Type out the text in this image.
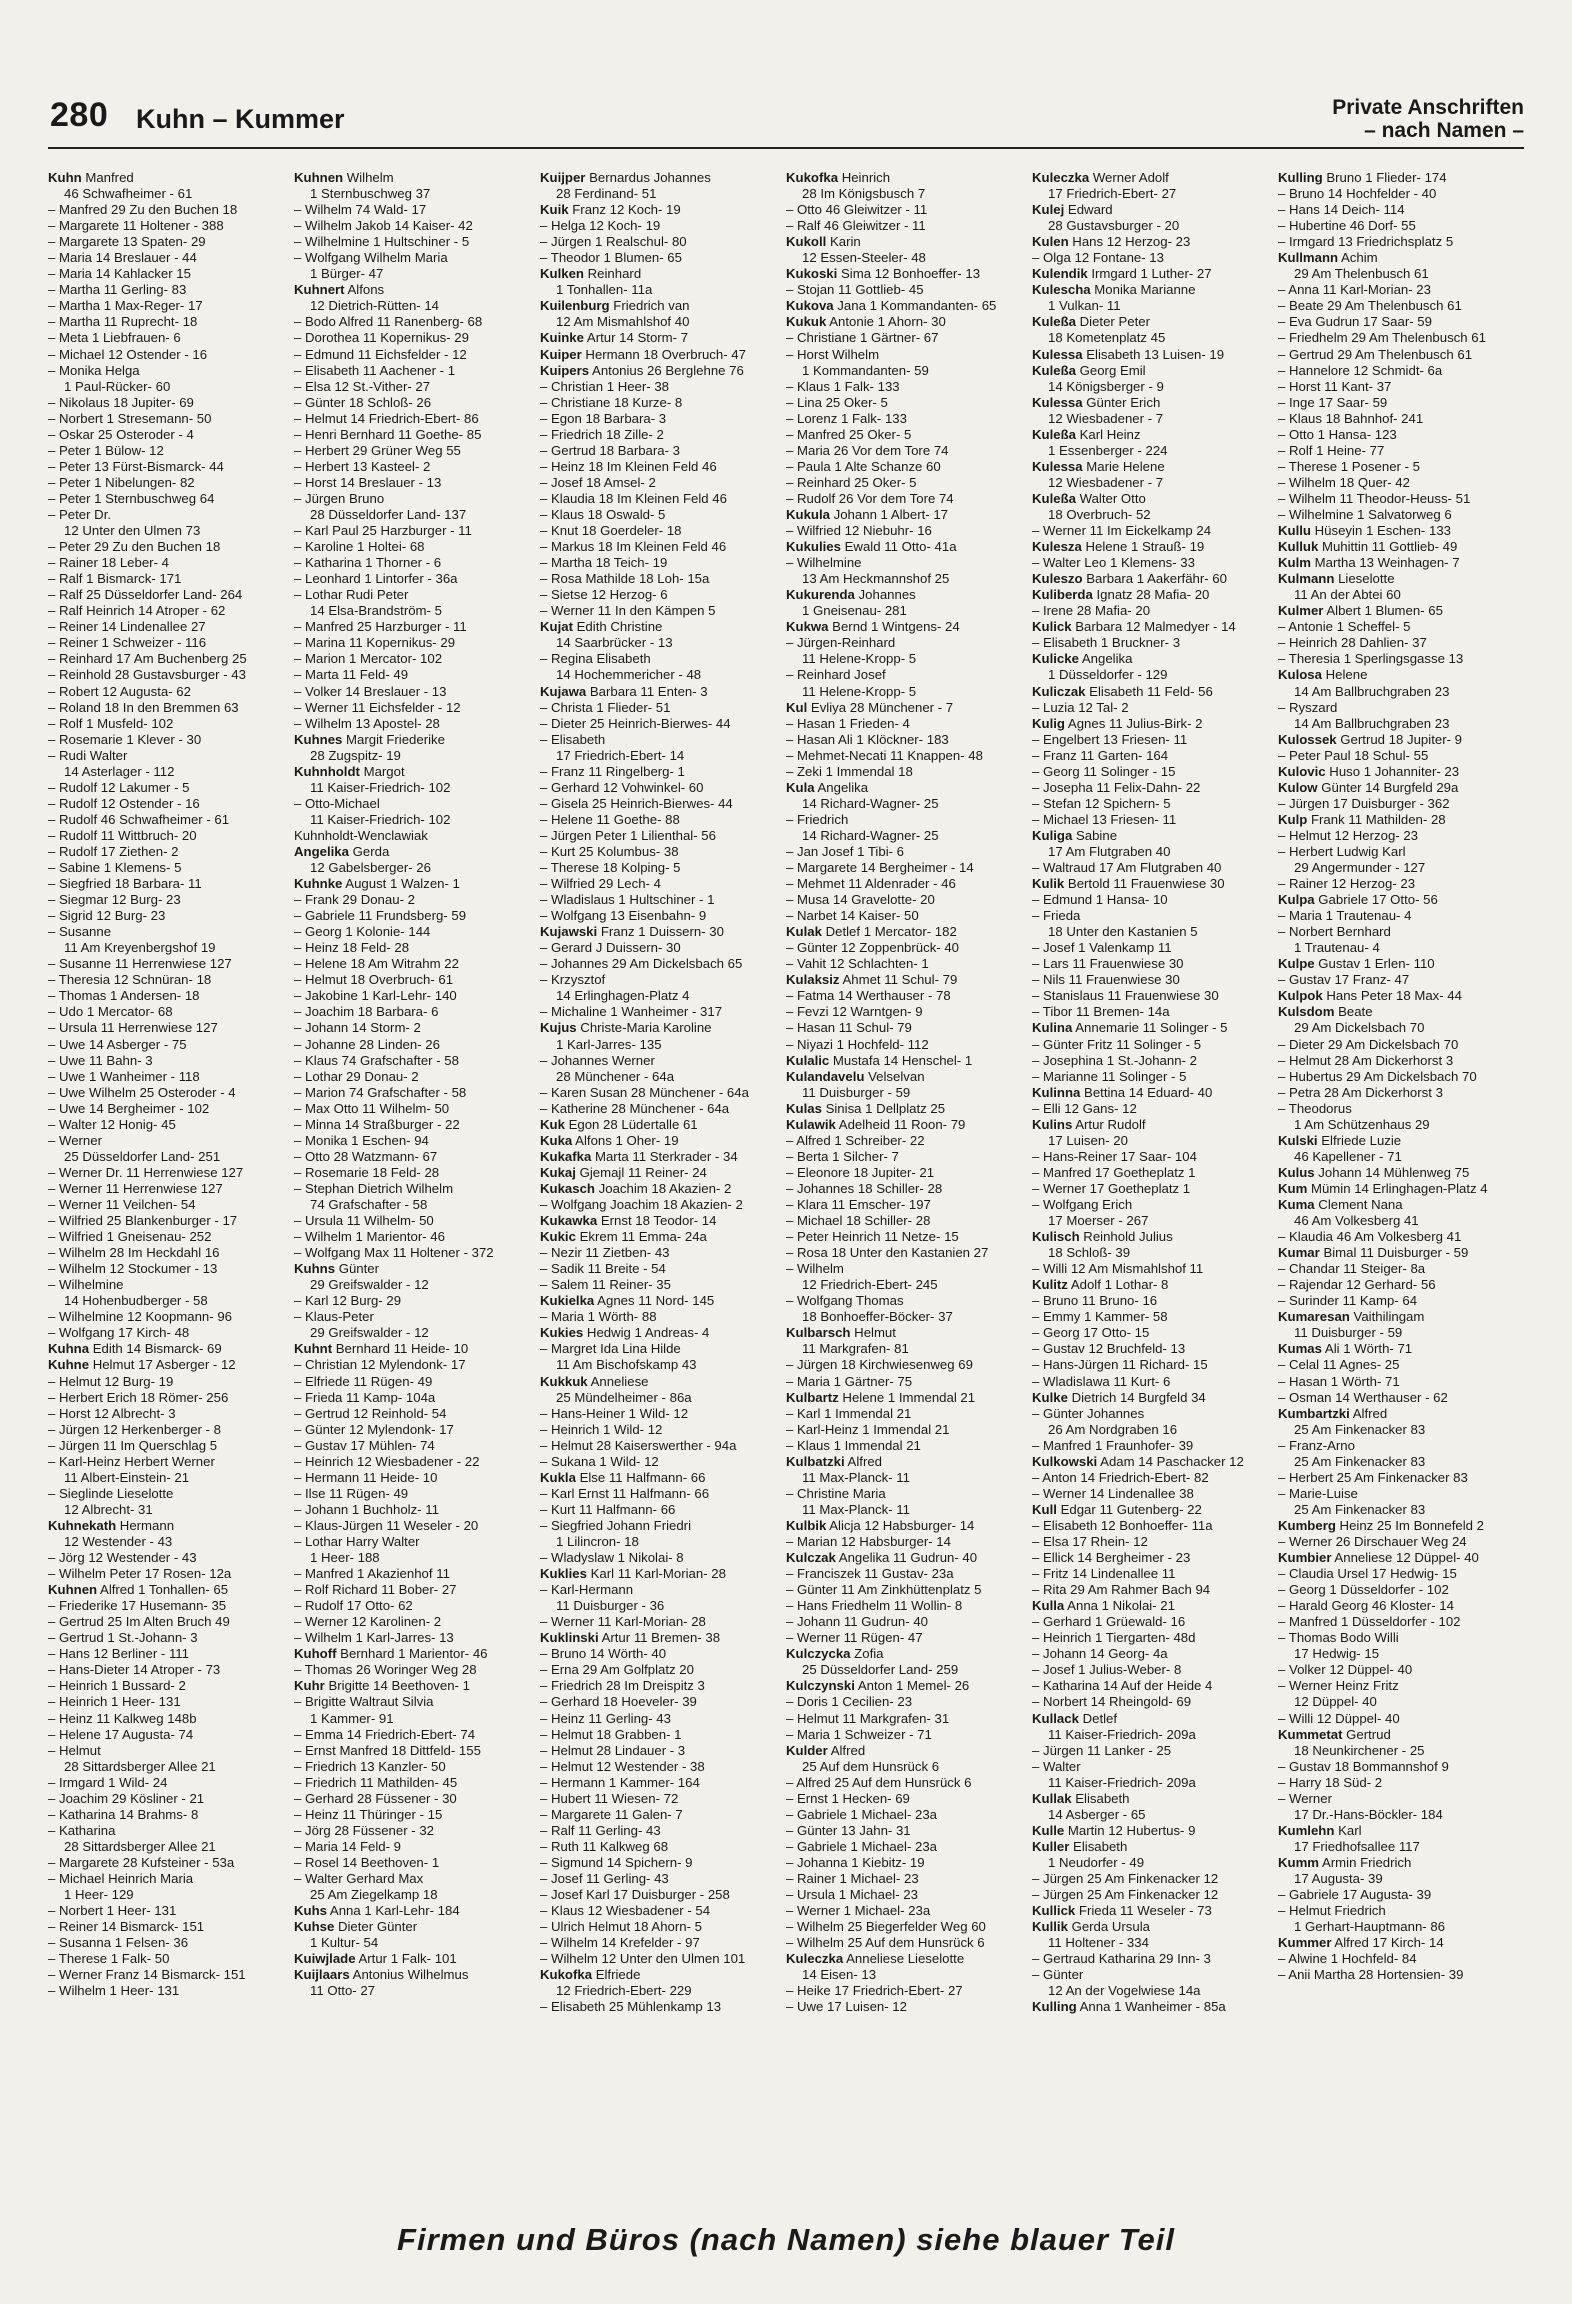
280 Kuhn – Kummer	Private Anschriften
– nach Namen –
Kuhn Manfred
46 Schwafheimer - 61
– Manfred 29 Zu den Buchen 18
– Margarete 11 Holtener - 388
– Margarete 13 Spaten- 29
– Maria 14 Breslauer - 44
– Maria 14 Kahlacker 15
– Martha 11 Gerling- 83
– Martha 1 Max-Reger- 17
– Martha 11 Ruprecht- 18
– Meta 1 Liebfrauen- 6
– Michael 12 Ostender - 16
– Monika Helga
1 Paul-Rücker- 60
– Nikolaus 18 Jupiter- 69
– Norbert 1 Stresemann- 50
– Oskar 25 Osteroder - 4
– Peter 1 Bülow- 12
– Peter 13 Fürst-Bismarck- 44
– Peter 1 Nibelungen- 82
– Peter 1 Sternbuschweg 64
– Peter Dr.
12 Unter den Ulmen 73
– Peter 29 Zu den Buchen 18
– Rainer 18 Leber- 4
– Ralf 1 Bismarck- 171
– Ralf 25 Düsseldorfer Land- 264
– Ralf Heinrich 14 Atroper - 62
– Reiner 14 Lindenallee 27
– Reiner 1 Schweizer - 116
– Reinhard 17 Am Buchenberg 25
– Reinhold 28 Gustavsburger - 43
– Robert 12 Augusta- 62
– Roland 18 In den Bremmen 63
– Rolf 1 Musfeld- 102
– Rosemarie 1 Klever - 30
– Rudi Walter
14 Asterlager - 112
– Rudolf 12 Lakumer - 5
– Rudolf 12 Ostender - 16
– Rudolf 46 Schwafheimer - 61
– Rudolf 11 Wittbruch- 20
– Rudolf 17 Ziethen- 2
– Sabine 1 Klemens- 5
– Siegfried 18 Barbara- 11
– Siegmar 12 Burg- 23
– Sigrid 12 Burg- 23
– Susanne
11 Am Kreyenbergshof 19
– Susanne 11 Herrenwiese 127
– Theresia 12 Schnüran- 18
– Thomas 1 Andersen- 18
– Udo 1 Mercator- 68
– Ursula 11 Herrenwiese 127
– Uwe 14 Asberger - 75
– Uwe 11 Bahn- 3
– Uwe 1 Wanheimer - 118
– Uwe Wilhelm 25 Osteroder - 4
– Uwe 14 Bergheimer - 102
– Walter 12 Honig- 45
– Werner
25 Düsseldorfer Land- 251
– Werner Dr. 11 Herrenwiese 127
– Werner 11 Herrenwiese 127
– Werner 11 Veilchen- 54
– Wilfried 25 Blankenburger - 17
– Wilfried 1 Gneisenau- 252
– Wilhelm 28 Im Heckdahl 16
– Wilhelm 12 Stockumer - 13
– Wilhelmine
14 Hohenbudberger - 58
– Wilhelmine 12 Koopmann- 96
– Wolfgang 17 Kirch- 48
Kuhna Edith 14 Bismarck- 69
Kuhne Helmut 17 Asberger - 12
– Helmut 12 Burg- 19
– Herbert Erich 18 Römer- 256
– Horst 12 Albrecht- 3
– Jürgen 12 Herkenberger - 8
– Jürgen 11 Im Querschlag 5
– Karl-Heinz Herbert Werner
11 Albert-Einstein- 21
– Sieglinde Lieselotte
12 Albrecht- 31
Kuhnekath Hermann
12 Westender - 43
– Jörg 12 Westender - 43
– Wilhelm Peter 17 Rosen- 12a
Kuhnen Alfred 1 Tonhallen- 65
– Friederike 17 Husemann- 35
– Gertrud 25 Im Alten Bruch 49
– Gertrud 1 St.-Johann- 3
– Hans 12 Berliner - 111
– Hans-Dieter 14 Atroper - 73
– Heinrich 1 Bussard- 2
– Heinrich 1 Heer- 131
– Heinz 11 Kalkweg 148b
– Helene 17 Augusta- 74
– Helmut
28 Sittardsberger Allee 21
– Irmgard 1 Wild- 24
– Joachim 29 Kösliner - 21
– Katharina 14 Brahms- 8
– Katharina
28 Sittardsberger Allee 21
– Margarete 28 Kufsteiner - 53a
– Michael Heinrich Maria
1 Heer- 129
– Norbert 1 Heer- 131
– Reiner 14 Bismarck- 151
– Susanna 1 Felsen- 36
– Therese 1 Falk- 50
– Werner Franz 14 Bismarck- 151
– Wilhelm 1 Heer- 131
Kuhnen Wilhelm
1 Sternbuschweg 37
– Wilhelm 74 Wald- 17
– Wilhelm Jakob 14 Kaiser- 42
– Wilhelmine 1 Hultschiner - 5
– Wolfgang Wilhelm Maria
1 Bürger- 47
Kuhnert Alfons
12 Dietrich-Rütten- 14
– Bodo Alfred 11 Ranenberg- 68
– Dorothea 11 Kopernikus- 29
– Edmund 11 Eichsfelder - 12
– Elisabeth 11 Aachener - 1
– Elsa 12 St.-Vither- 27
– Günter 18 Schloß- 26
– Helmut 14 Friedrich-Ebert- 86
– Henri Bernhard 11 Goethe- 85
– Herbert 29 Grüner Weg 55
– Herbert 13 Kasteel- 2
– Horst 14 Breslauer - 13
– Jürgen Bruno
28 Düsseldorfer Land- 137
– Karl Paul 25 Harzburger - 11
– Karoline 1 Holtei- 68
– Katharina 1 Thorner - 6
– Leonhard 1 Lintorfer - 36a
– Lothar Rudi Peter
14 Elsa-Brandström- 5
– Manfred 25 Harzburger - 11
– Marina 11 Kopernikus- 29
– Marion 1 Mercator- 102
– Marta 11 Feld- 49
– Volker 14 Breslauer - 13
– Werner 11 Eichsfelder - 12
– Wilhelm 13 Apostel- 28
Kuhnes Margit Friederike
28 Zugspitz- 19
Kuhnholdt Margot
11 Kaiser-Friedrich- 102
– Otto-Michael
11 Kaiser-Friedrich- 102
Kuhnholdt-Wenclawiak
Angelika Gerda
12 Gabelsberger- 26
Kuhnke August 1 Walzen- 1
– Frank 29 Donau- 2
– Gabriele 11 Frundsberg- 59
– Georg 1 Kolonie- 144
– Heinz 18 Feld- 28
– Helene 18 Am Witrahm 22
– Helmut 18 Overbruch- 61
– Jakobine 1 Karl-Lehr- 140
– Joachim 18 Barbara- 6
– Johann 14 Storm- 2
– Johanne 28 Linden- 26
– Klaus 74 Grafschafter - 58
– Lothar 29 Donau- 2
– Marion 74 Grafschafter - 58
– Max Otto 11 Wilhelm- 50
– Minna 14 Straßburger - 22
– Monika 1 Eschen- 94
– Otto 28 Watzmann- 67
– Rosemarie 18 Feld- 28
– Stephan Dietrich Wilhelm
74 Grafschafter - 58
– Ursula 11 Wilhelm- 50
– Wilhelm 1 Marientor- 46
– Wolfgang Max 11 Holtener - 372
Kuhns Günter
29 Greifswalder - 12
– Karl 12 Burg- 29
– Klaus-Peter
29 Greifswalder - 12
Kuhnt Bernhard 11 Heide- 10
– Christian 12 Mylendonk- 17
– Elfriede 11 Rügen- 49
– Frieda 11 Kamp- 104a
– Gertrud 12 Reinhold- 54
– Günter 12 Mylendonk- 17
– Gustav 17 Mühlen- 74
– Heinrich 12 Wiesbadener - 22
– Hermann 11 Heide- 10
– Ilse 11 Rügen- 49
– Johann 1 Buchholz- 11
– Klaus-Jürgen 11 Weseler - 20
– Lothar Harry Walter
1 Heer- 188
– Manfred 1 Akazienhof 11
– Rolf Richard 11 Bober- 27
– Rudolf 17 Otto- 62
– Werner 12 Karolinen- 2
– Wilhelm 1 Karl-Jarres- 13
Kuhoff Bernhard 1 Marientor- 46
– Thomas 26 Woringer Weg 28
Kuhr Brigitte 14 Beethoven- 1
– Brigitte Waltraut Silvia
1 Kammer- 91
– Emma 14 Friedrich-Ebert- 74
– Ernst Manfred 18 Dittfeld- 155
– Friedrich 13 Kanzler- 50
– Friedrich 11 Mathilden- 45
– Gerhard 28 Füssener - 30
– Heinz 11 Thüringer - 15
– Jörg 28 Füssener - 32
– Maria 14 Feld- 9
– Rosel 14 Beethoven- 1
– Walter Gerhard Max
25 Am Ziegelkamp 18
Kuhs Anna 1 Karl-Lehr- 184
Kuhse Dieter Günter
1 Kultur- 54
Kuiwjlade Artur 1 Falk- 101
Kuijlaars Antonius Wilhelmus
11 Otto- 27
Kuijper Bernardus Johannes
28 Ferdinand- 51
Kuik Franz 12 Koch- 19
– Helga 12 Koch- 19
– Jürgen 1 Realschul- 80
– Theodor 1 Blumen- 65
Kulken Reinhard
1 Tonhallen- 11a
Kuilenburg Friedrich van
12 Am Mismahlshof 40
Kuinke Artur 14 Storm- 7
Kuiper Hermann 18 Overbruch- 47
Kuipers Antonius 26 Berglehne 76
– Christian 1 Heer- 38
– Christiane 18 Kurze- 8
– Egon 18 Barbara- 3
– Friedrich 18 Zille- 2
– Gertrud 18 Barbara- 3
– Heinz 18 Im Kleinen Feld 46
– Josef 18 Amsel- 2
– Klaudia 18 Im Kleinen Feld 46
– Klaus 18 Oswald- 5
– Knut 18 Goerdeler- 18
– Markus 18 Im Kleinen Feld 46
– Martha 18 Teich- 19
– Rosa Mathilde 18 Loh- 15a
– Sietse 12 Herzog- 6
– Werner 11 In den Kämpen 5
Kujat Edith Christine
14 Saarbrücker - 13
– Regina Elisabeth
14 Hochemmericher - 48
Kujawa Barbara 11 Enten- 3
– Christa 1 Flieder- 51
– Dieter 25 Heinrich-Bierwes- 44
– Elisabeth
17 Friedrich-Ebert- 14
– Franz 11 Ringelberg- 1
– Gerhard 12 Vohwinkel- 60
– Gisela 25 Heinrich-Bierwes- 44
– Helene 11 Goethe- 88
– Jürgen Peter 1 Lilienthal- 56
– Kurt 25 Kolumbus- 38
– Therese 18 Kolping- 5
– Wilfried 29 Lech- 4
– Wladislaus 1 Hultschiner - 1
– Wolfgang 13 Eisenbahn- 9
Kujawski Franz 1 Duissern- 30
– Gerard J Duissern- 30
– Johannes 29 Am Dickelsbach 65
– Krzysztof
14 Erlinghagen-Platz 4
– Michaline 1 Wanheimer - 317
Kujus Christe-Maria Karoline
1 Karl-Jarres- 135
– Johannes Werner
28 Münchener - 64a
– Karen Susan 28 Münchener - 64a
– Katherine 28 Münchener - 64a
Kuk Egon 28 Lüdertalle 61
Kuka Alfons 1 Oher- 19
Kukafka Marta 11 Sterkrader - 34
Kukaj Gjemajl 11 Reiner- 24
Kukasch Joachim 18 Akazien- 2
– Wolfgang Joachim 18 Akazien- 2
Kukawka Ernst 18 Teodor- 14
Kukic Ekrem 11 Emma- 24a
– Nezir 11 Zietben- 43
– Sadik 11 Breite - 54
– Salem 11 Reiner- 35
Kukielka Agnes 11 Nord- 145
– Maria 1 Wörth- 88
Kukies Hedwig 1 Andreas- 4
– Margret Ida Lina Hilde
11 Am Bischofskamp 43
Kukkuk Anneliese
25 Mündelheimer - 86a
– Hans-Heiner 1 Wild- 12
– Heinrich 1 Wild- 12
– Helmut 28 Kaiserswerther - 94a
– Sukana 1 Wild- 12
Kukla Else 11 Halfmann- 66
– Karl Ernst 11 Halfmann- 66
– Kurt 11 Halfmann- 66
– Siegfried Johann Friedri
1 Lilincron- 18
– Wladyslaw 1 Nikolai- 8
Kuklies Karl 11 Karl-Morian- 28
– Karl-Hermann
11 Duisburger - 36
– Werner 11 Karl-Morian- 28
Kuklinski Artur 11 Bremen- 38
– Bruno 14 Wörth- 40
– Erna 29 Am Golfplatz 20
– Friedrich 28 Im Dreispitz 3
– Gerhard 18 Hoeveler- 39
– Heinz 11 Gerling- 43
– Helmut 18 Grabben- 1
– Helmut 28 Lindauer - 3
– Helmut 12 Westender - 38
– Hermann 1 Kammer- 164
– Hubert 11 Wiesen- 72
– Margarete 11 Galen- 7
– Ralf 11 Gerling- 43
– Ruth 11 Kalkweg 68
– Sigmund 14 Spichern- 9
– Josef 11 Gerling- 43
– Josef Karl 17 Duisburger - 258
– Klaus 12 Wiesbadener - 54
– Ulrich Helmut 18 Ahorn- 5
– Wilhelm 14 Krefelder - 97
– Wilhelm 12 Unter den Ulmen 101
Kukofka Elfriede
12 Friedrich-Ebert- 229
– Elisabeth 25 Mühlenkamp 13
Kukofka Heinrich
28 Im Königsbusch 7
– Otto 46 Gleiwitzer - 11
– Ralf 46 Gleiwitzer - 11
Kukoll Karin
12 Essen-Steeler- 48
Kukoski Sima 12 Bonhoeffer- 13
– Stojan 11 Gottlieb- 45
Kukova Jana 1 Kommandanten- 65
Kukuk Antonie 1 Ahorn- 30
– Christiane 1 Gärtner- 67
– Horst Wilhelm
1 Kommandanten- 59
– Klaus 1 Falk- 133
– Lina 25 Oker- 5
– Lorenz 1 Falk- 133
– Manfred 25 Oker- 5
– Maria 26 Vor dem Tore 74
– Paula 1 Alte Schanze 60
– Reinhard 25 Oker- 5
– Rudolf 26 Vor dem Tore 74
Kukula Johann 1 Albert- 17
– Wilfried 12 Niebuhr- 16
Kukulies Ewald 11 Otto- 41a
– Wilhelmine
13 Am Heckmannshof 25
Kukurenda Johannes
1 Gneisenau- 281
Kukwa Bernd 1 Wintgens- 24
– Jürgen-Reinhard
11 Helene-Kropp- 5
– Reinhard Josef
11 Helene-Kropp- 5
Kul Evliya 28 Münchener - 7
– Hasan 1 Frieden- 4
– Hasan Ali 1 Klöckner- 183
– Mehmet-Necati 11 Knappen- 48
– Zeki 1 Immendal 18
Kula Angelika
14 Richard-Wagner- 25
– Friedrich
14 Richard-Wagner- 25
– Jan Josef 1 Tibi- 6
– Margarete 14 Bergheimer - 14
– Mehmet 11 Aldenrader - 46
– Musa 14 Gravelotte- 20
– Narbet 14 Kaiser- 50
Kulak Detlef 1 Mercator- 182
– Günter 12 Zoppenbrück- 40
– Vahit 12 Schlachten- 1
Kulaksiz Ahmet 11 Schul- 79
– Fatma 14 Werthauser - 78
– Fevzi 12 Warntgen- 9
– Hasan 11 Schul- 79
– Niyazi 1 Hochfeld- 112
Kulalic Mustafa 14 Henschel- 1
Kulandavelu Velselvan
11 Duisburger - 59
Kulas Sinisa 1 Dellplatz 25
Kulawik Adelheid 11 Roon- 79
– Alfred 1 Schreiber- 22
– Berta 1 Silcher- 7
– Eleonore 18 Jupiter- 21
– Johannes 18 Schiller- 28
– Klara 11 Emscher- 197
– Michael 18 Schiller- 28
– Peter Heinrich 11 Netze- 15
– Rosa 18 Unter den Kastanien 27
– Wilhelm
12 Friedrich-Ebert- 245
– Wolfgang Thomas
18 Bonhoeffer-Böcker- 37
Kulbarsch Helmut
11 Markgrafen- 81
– Jürgen 18 Kirchwiesenweg 69
– Maria 1 Gärtner- 75
Kulbartz Helene 1 Immendal 21
– Karl 1 Immendal 21
– Karl-Heinz 1 Immendal 21
– Klaus 1 Immendal 21
Kulbatzki Alfred
11 Max-Planck- 11
– Christine Maria
11 Max-Planck- 11
Kulbik Alicja 12 Habsburger- 14
– Marian 12 Habsburger- 14
Kulczak Angelika 11 Gudrun- 40
– Franciszek 11 Gustav- 23a
– Günter 11 Am Zinkhüttenplatz 5
– Hans Friedhelm 11 Wollin- 8
– Johann 11 Gudrun- 40
– Werner 11 Rügen- 47
Kulczycka Zofia
25 Düsseldorfer Land- 259
Kulczynski Anton 1 Memel- 26
– Doris 1 Cecilien- 23
– Helmut 11 Markgrafen- 31
– Maria 1 Schweizer - 71
Kulder Alfred
25 Auf dem Hunsrück 6
– Alfred 25 Auf dem Hunsrück 6
– Ernst 1 Hecken- 69
– Gabriele 1 Michael- 23a
– Günter 13 Jahn- 31
– Gabriele 1 Michael- 23a
– Johanna 1 Kiebitz- 19
– Rainer 1 Michael- 23
– Ursula 1 Michael- 23
– Werner 1 Michael- 23a
– Wilhelm 25 Biegerfelder Weg 60
– Wilhelm 25 Auf dem Hunsrück 6
Kuleczka Anneliese Lieselotte
14 Eisen- 13
– Heike 17 Friedrich-Ebert- 27
– Uwe 17 Luisen- 12
Kuleczka Werner Adolf
17 Friedrich-Ebert- 27
Kulej Edward
28 Gustavsburger - 20
Kulen Hans 12 Herzog- 23
– Olga 12 Fontane- 13
Kulendik Irmgard 1 Luther- 27
Kulescha Monika Marianne
1 Vulkan- 11
Kuleßa Dieter Peter
18 Kometenplatz 45
Kulessa Elisabeth 13 Luisen- 19
Kuleßa Georg Emil
14 Königsberger - 9
Kulessa Günter Erich
12 Wiesbadener - 7
Kuleßa Karl Heinz
1 Essenberger - 224
Kulessa Marie Helene
12 Wiesbadener - 7
Kuleßa Walter Otto
18 Overbruch- 52
– Werner 11 Im Eickelkamp 24
Kulesza Helene 1 Strauß- 19
– Walter Leo 1 Klemens- 33
Kuleszo Barbara 1 Aakerfähr- 60
Kuliberda Ignatz 28 Mafia- 20
– Irene 28 Mafia- 20
Kulick Barbara 12 Malmedyer - 14
– Elisabeth 1 Bruckner- 3
Kulicke Angelika
1 Düsseldorfer - 129
Kuliczak Elisabeth 11 Feld- 56
– Luzia 12 Tal- 2
Kulig Agnes 11 Julius-Birk- 2
– Engelbert 13 Friesen- 11
– Franz 11 Garten- 164
– Georg 11 Solinger - 15
– Josepha 11 Felix-Dahn- 22
– Stefan 12 Spichern- 5
– Michael 13 Friesen- 11
Kuliga Sabine
17 Am Flutgraben 40
– Waltraud 17 Am Flutgraben 40
Kulik Bertold 11 Frauenwiese 30
– Edmund 1 Hansa- 10
– Frieda
18 Unter den Kastanien 5
– Josef 1 Valenkamp 11
– Lars 11 Frauenwiese 30
– Nils 11 Frauenwiese 30
– Stanislaus 11 Frauenwiese 30
– Tibor 11 Bremen- 14a
Kulina Annemarie 11 Solinger - 5
– Günter Fritz 11 Solinger - 5
– Josephina 1 St.-Johann- 2
– Marianne 11 Solinger - 5
Kulinna Bettina 14 Eduard- 40
– Elli 12 Gans- 12
Kulins Artur Rudolf
17 Luisen- 20
– Hans-Reiner 17 Saar- 104
– Manfred 17 Goetheplatz 1
– Werner 17 Goetheplatz 1
– Wolfgang Erich
17 Moerser - 267
Kulisch Reinhold Julius
18 Schloß- 39
– Willi 12 Am Mismahlshof 11
Kulitz Adolf 1 Lothar- 8
– Bruno 11 Bruno- 16
– Emmy 1 Kammer- 58
– Georg 17 Otto- 15
– Gustav 12 Bruchfeld- 13
– Hans-Jürgen 11 Richard- 15
– Wladislawa 11 Kurt- 6
Kulke Dietrich 14 Burgfeld 34
– Günter Johannes
26 Am Nordgraben 16
– Manfred 1 Fraunhofer- 39
Kulkowski Adam 14 Paschacker 12
– Anton 14 Friedrich-Ebert- 82
– Werner 14 Lindenallee 38
Kull Edgar 11 Gutenberg- 22
– Elisabeth 12 Bonhoeffer- 11a
– Elsa 17 Rhein- 12
– Ellick 14 Bergheimer - 23
– Fritz 14 Lindenallee 11
– Rita 29 Am Rahmer Bach 94
Kulla Anna 1 Nikolai- 21
– Gerhard 1 Grüewald- 16
– Heinrich 1 Tiergarten- 48d
– Johann 14 Georg- 4a
– Josef 1 Julius-Weber- 8
– Katharina 14 Auf der Heide 4
– Norbert 14 Rheingold- 69
Kullack Detlef
11 Kaiser-Friedrich- 209a
– Jürgen 11 Lanker - 25
– Walter
11 Kaiser-Friedrich- 209a
Kullak Elisabeth
14 Asberger - 65
Kulle Martin 12 Hubertus- 9
Kuller Elisabeth
1 Neudorfer - 49
– Jürgen 25 Am Finkenacker 12
– Jürgen 25 Am Finkenacker 12
Kullick Frieda 11 Weseler - 73
Kullik Gerda Ursula
11 Holtener - 334
– Gertraud Katharina 29 Inn- 3
– Günter
12 An der Vogelwiese 14a
Kulling Anna 1 Wanheimer - 85a
Kulling Bruno 1 Flieder- 174
– Bruno 14 Hochfelder - 40
– Hans 14 Deich- 114
– Hubertine 46 Dorf- 55
– Irmgard 13 Friedrichsplatz 5
Kullmann Achim
29 Am Thelenbusch 61
– Anna 11 Karl-Morian- 23
– Beate 29 Am Thelenbusch 61
– Eva Gudrun 17 Saar- 59
– Friedhelm 29 Am Thelenbusch 61
– Gertrud 29 Am Thelenbusch 61
– Hannelore 12 Schmidt- 6a
– Horst 11 Kant- 37
– Inge 17 Saar- 59
– Klaus 18 Bahnhof- 241
– Otto 1 Hansa- 123
– Rolf 1 Heine- 77
– Therese 1 Posener - 5
– Wilhelm 18 Quer- 42
– Wilhelm 11 Theodor-Heuss- 51
– Wilhelmine 1 Salvatorweg 6
Kullu Hüseyin 1 Eschen- 133
Kulluk Muhittin 11 Gottlieb- 49
Kulm Martha 13 Weinhagen- 7
Kulmann Lieselotte
11 An der Abtei 60
Kulmer Albert 1 Blumen- 65
– Antonie 1 Scheffel- 5
– Heinrich 28 Dahlien- 37
– Theresia 1 Sperlingsgasse 13
Kulosa Helene
14 Am Ballbruchgraben 23
– Ryszard
14 Am Ballbruchgraben 23
Kulossek Gertrud 18 Jupiter- 9
– Peter Paul 18 Schul- 55
Kulovic Huso 1 Johanniter- 23
Kulow Günter 14 Burgfeld 29a
– Jürgen 17 Duisburger - 362
Kulp Frank 11 Mathilden- 28
– Helmut 12 Herzog- 23
– Herbert Ludwig Karl
29 Angermunder - 127
– Rainer 12 Herzog- 23
Kulpa Gabriele 17 Otto- 56
– Maria 1 Trautenau- 4
– Norbert Bernhard
1 Trautenau- 4
Kulpe Gustav 1 Erlen- 110
– Gustav 17 Franz- 47
Kulpok Hans Peter 18 Max- 44
Kulsdom Beate
29 Am Dickelsbach 70
– Dieter 29 Am Dickelsbach 70
– Helmut 28 Am Dickerhorst 3
– Hubertus 29 Am Dickelsbach 70
– Petra 28 Am Dickerhorst 3
– Theodorus
1 Am Schützenhaus 29
Kulski Elfriede Luzie
46 Kapellener - 71
Kulus Johann 14 Mühlenweg 75
Kum Mümin 14 Erlinghagen-Platz 4
Kuma Clement Nana
46 Am Volkesberg 41
– Klaudia 46 Am Volkesberg 41
Kumar Bimal 11 Duisburger - 59
– Chandar 11 Steiger- 8a
– Rajendar 12 Gerhard- 56
– Surinder 11 Kamp- 64
Kumaresan Vaithilingam
11 Duisburger - 59
Kumas Ali 1 Wörth- 71
– Celal 11 Agnes- 25
– Hasan 1 Wörth- 71
– Osman 14 Werthauser - 62
Kumbartzki Alfred
25 Am Finkenacker 83
– Franz-Arno
25 Am Finkenacker 83
– Herbert 25 Am Finkenacker 83
– Marie-Luise
25 Am Finkenacker 83
Kumberg Heinz 25 Im Bonnefeld 2
– Werner 26 Dirschauer Weg 24
Kumbier Anneliese 12 Düppel- 40
– Claudia Ursel 17 Hedwig- 15
– Georg 1 Düsseldorfer - 102
– Harald Georg 46 Kloster- 14
– Manfred 1 Düsseldorfer - 102
– Thomas Bodo Willi
17 Hedwig- 15
– Volker 12 Düppel- 40
– Werner Heinz Fritz
12 Düppel- 40
– Willi 12 Düppel- 40
Kummetat Gertrud
18 Neunkirchener - 25
– Gustav 18 Bommannshof 9
– Harry 18 Süd- 2
– Werner
17 Dr.-Hans-Böckler- 184
Kumlehn Karl
17 Friedhofsallee 117
Kumm Armin Friedrich
17 Augusta- 39
– Gabriele 17 Augusta- 39
– Helmut Friedrich
1 Gerhart-Hauptmann- 86
Kummer Alfred 17 Kirch- 14
– Alwine 1 Hochfeld- 84
– Anii Martha 28 Hortensien- 39
Firmen und Büros (nach Namen) siehe blauer Teil
